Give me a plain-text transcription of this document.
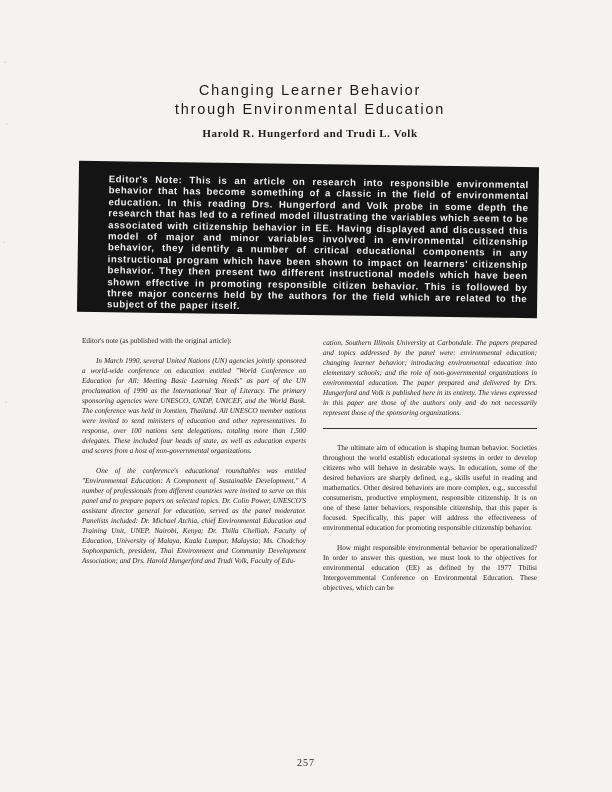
·
·
·
·
Changing Learner Behavior
through Environmental Education

Harold R. Hungerford and Trudi L. Volk

Editor's Note: This is an article on research into responsible environmental behavior that has become something of a classic in the field of environmental education. In this reading Drs. Hungerford and Volk probe in some depth the research that has led to a refined model illustrating the variables which seem to be associated with citizenship behavior in EE. Having displayed and discussed this model of major and minor variables involved in environmental citizenship behavior, they identify a number of critical educational components in any instructional program which have been shown to impact on learners' citizenship behavior. They then present two different instructional models which have been shown effective in promoting responsible citizen behavior. This is followed by three major concerns held by the authors for the field which are related to the subject of the paper itself.

Editor's note (as published with the original article):

In March 1990, several United Nations (UN) agencies jointly sponsored a world-wide conference on education entitled "World Conference on Education for All: Meeting Basic Learning Needs" as part of the UN proclamation of 1990 as the International Year of Literacy. The primary sponsoring agencies were UNESCO, UNDP, UNICEF, and the World Bank. The conference was held in Jomtien, Thailand. All UNESCO member nations were invited to send ministers of education and other representatives. In response, over 100 nations sent delegations, totaling more than 1,500 delegates. These included four heads of state, as well as education experts and scores from a host of non-governmental organizations.

One of the conference's educational roundtables was entitled "Environmental Education: A Component of Sustainable Development." A number of professionals from different countries were invited to serve on this panel and to prepare papers on selected topics. Dr. Colin Power, UNESCO'S assistant director general for education, served as the panel moderator. Panelists included: Dr. Michael Atchia, chief Environmental Education and Training Unit, UNEP, Nairobi, Kenya; Dr. Thilla Chelliah, Faculty of Education, University of Malaya, Kuala Lumpur, Malaysia; Ms. Chodchoy Sophonpanich, president, Thai Environment and Community Development Association; and Drs. Harold Hungerford and Trudi Volk, Faculty of Edu-

cation, Southern Illinois University at Carbondale. The papers prepared and topics addressed by the panel were: environmental education; changing learner behavior; introducing environmental education into elementary schools; and the role of non-governmental organizations in environmental education. The paper prepared and delivered by Drs. Hungerford and Volk is published here in its entirety. The views expressed in this paper are those of the authors only and do not necessarily represent those of the sponsoring organizations.

The ultimate aim of education is shaping human behavior. Societies throughout the world establish educational systems in order to develop citizens who will behave in desirable ways. In education, some of the desired behaviors are sharply defined, e.g., skills useful in reading and mathematics. Other desired behaviors are more complex, e.g., successful consumerism, productive employment, responsible citizenship. It is on one of these latter behaviors, responsible citizenship, that this paper is focused. Specifically, this paper will address the effectiveness of environmental education for promoting responsible citizenship behavior.

How might responsible environmental behavior be operationalized? In order to answer this question, we must look to the objectives for environmental education (EE) as defined by the 1977 Tbilisi Intergovernmental Conference on Environmental Education. These objectives, which can be

257
